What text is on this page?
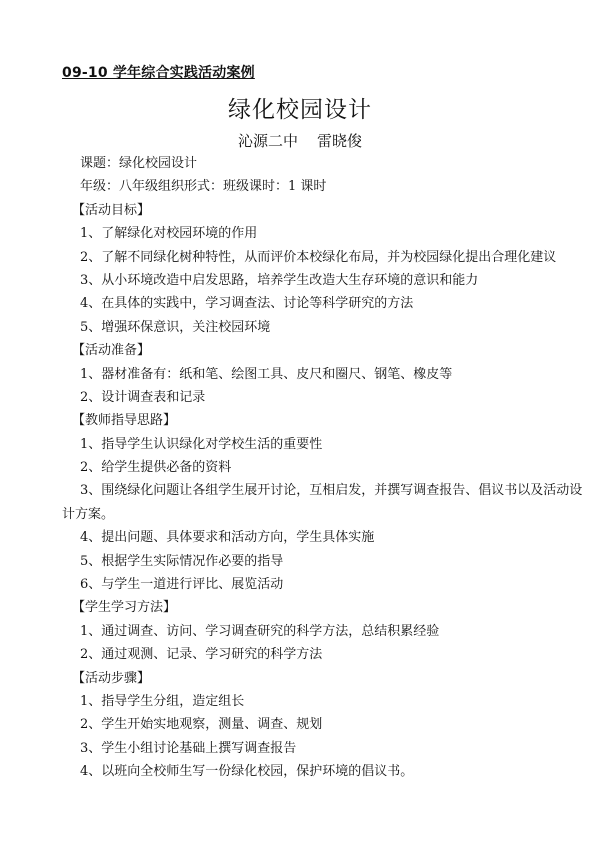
09-10 学年综合实践活动案例
绿化校园设计
沁源二中    雷晓俊
课题：绿化校园设计
年级：八年级组织形式：班级课时：1 课时
【活动目标】
1、了解绿化对校园环境的作用
2、了解不同绿化树种特性，从而评价本校绿化布局，并为校园绿化提出合理化建议
3、从小环境改造中启发思路，培养学生改造大生存环境的意识和能力
4、在具体的实践中，学习调查法、讨论等科学研究的方法
5、增强环保意识，关注校园环境
【活动准备】
1、器材准备有：纸和笔、绘图工具、皮尺和圈尺、钢笔、橡皮等
2、设计调查表和记录
【教师指导思路】
1、指导学生认识绿化对学校生活的重要性
2、给学生提供必备的资料
3、围绕绿化问题让各组学生展开讨论，互相启发，并撰写调查报告、倡议书以及活动设
计方案。
4、提出问题、具体要求和活动方向，学生具体实施
5、根据学生实际情况作必要的指导
6、与学生一道进行评比、展览活动
【学生学习方法】
1、通过调查、访问、学习调查研究的科学方法，总结积累经验
2、通过观测、记录、学习研究的科学方法
【活动步骤】
1、指导学生分组，造定组长
2、学生开始实地观察，测量、调查、规划
3、学生小组讨论基础上撰写调查报告
4、以班向全校师生写一份绿化校园，保护环境的倡议书。
